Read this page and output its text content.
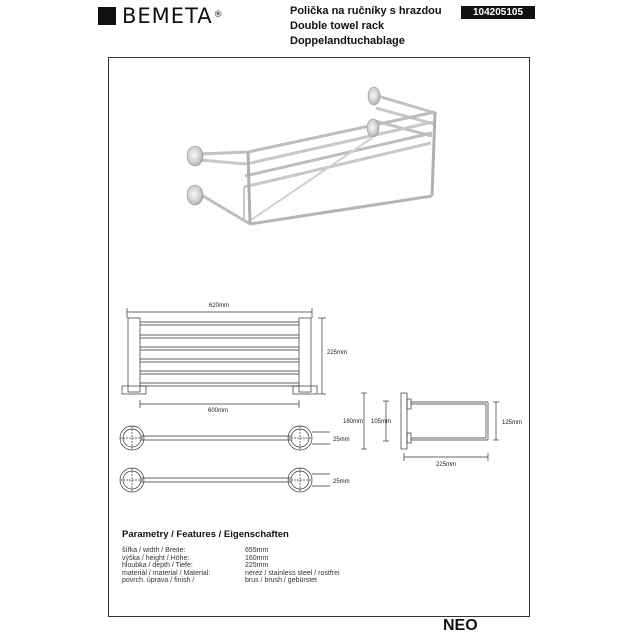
BEMETA®	Polička na ručníky s hrazdou
Double towel rack
Doppelandtuchablage
104205105
620mm
225mm
600mm
25mm
25mm
160mm 105mm	125mm
225mm
Parametry / Features / Eigenschaften
šířka / width / Breite:	655mm
výška / height / Höhe:	160mm
hloubka / depth / Tiefe:	225mm
materiál / material / Material:	nerez / stainless steel / rostfrei
povrch. úprava / finish /	brus / brush / gebürstet
NEO
